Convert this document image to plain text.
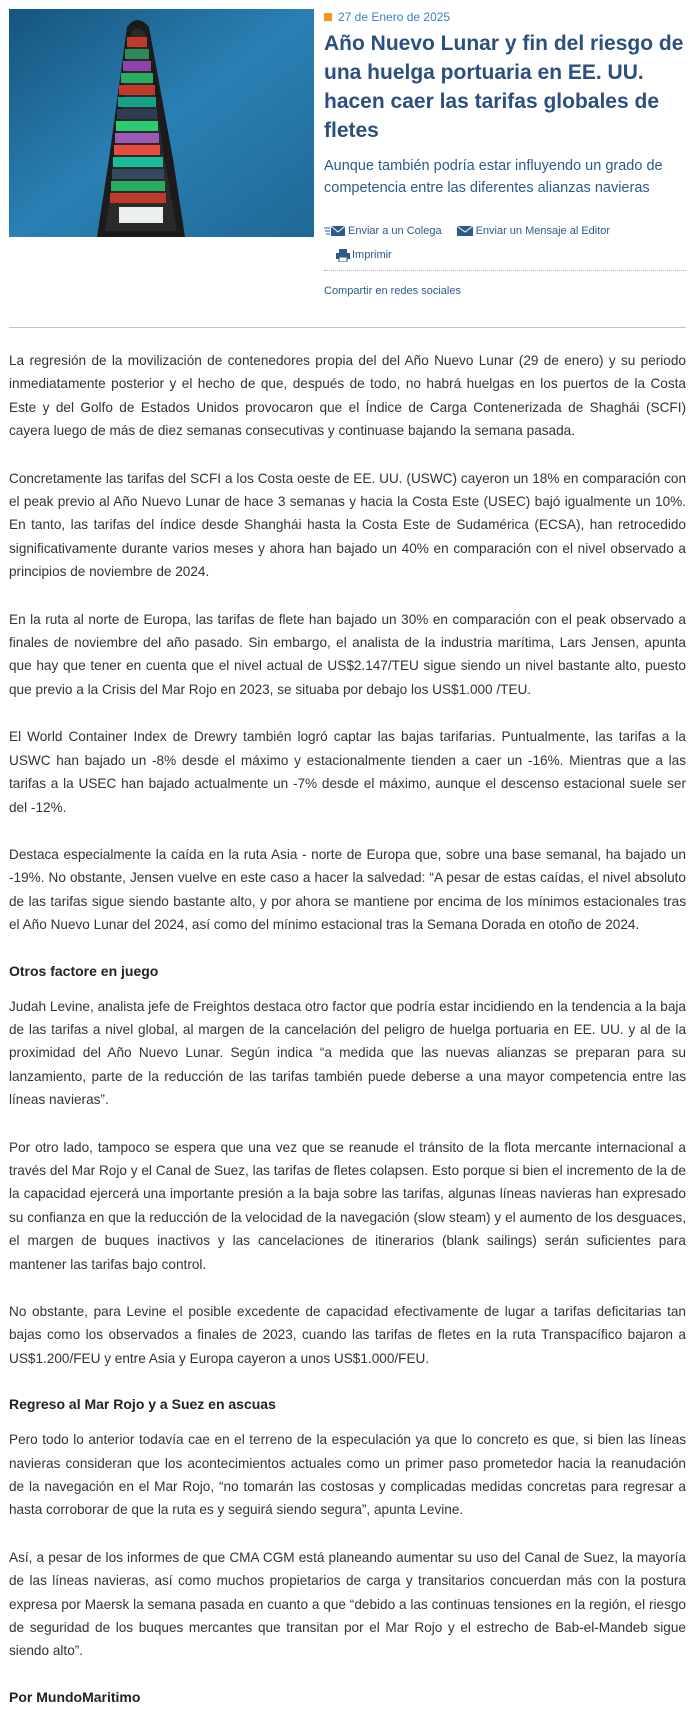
27 de Enero de 2025
Año Nuevo Lunar y fin del riesgo de una huelga portuaria en EE. UU. hacen caer las tarifas globales de fletes

Aunque también podría estar influyendo un grado de competencia entre las diferentes alianzas navieras

Enviar a un Colega	Enviar un Mensaje al Editor
Imprimir
Compartir en redes sociales

La regresión de la movilización de contenedores propia del del Año Nuevo Lunar (29 de enero) y su periodo inmediatamente posterior y el hecho de que, después de todo, no habrá huelgas en los puertos de la Costa Este y del Golfo de Estados Unidos provocaron que el Índice de Carga Contenerizada de Shaghái (SCFI) cayera luego de más de diez semanas consecutivas y continuase bajando la semana pasada.

Concretamente las tarifas del SCFI a los Costa oeste de EE. UU. (USWC) cayeron un 18% en comparación con el peak previo al Año Nuevo Lunar de hace 3 semanas y hacia la Costa Este (USEC) bajó igualmente un 10%. En tanto, las tarifas del índice desde Shanghái hasta la Costa Este de Sudamérica (ECSA), han retrocedido significativamente durante varios meses y ahora han bajado un 40% en comparación con el nivel observado a principios de noviembre de 2024.

En la ruta al norte de Europa, las tarifas de flete han bajado un 30% en comparación con el peak observado a finales de noviembre del año pasado. Sin embargo, el analista de la industria marítima, Lars Jensen, apunta que hay que tener en cuenta que el nivel actual de US$2.147/TEU sigue siendo un nivel bastante alto, puesto que previo a la Crisis del Mar Rojo en 2023, se situaba por debajo los US$1.000 /TEU.

El World Container Index de Drewry también logró captar las bajas tarifarias. Puntualmente, las tarifas a la USWC han bajado un -8% desde el máximo y estacionalmente tienden a caer un -16%. Mientras que a las tarifas a la USEC han bajado actualmente un -7% desde el máximo, aunque el descenso estacional suele ser del -12%.

Destaca especialmente la caída en la ruta Asia - norte de Europa que, sobre una base semanal, ha bajado un -19%. No obstante, Jensen vuelve en este caso a hacer la salvedad: “A pesar de estas caídas, el nivel absoluto de las tarifas sigue siendo bastante alto, y por ahora se mantiene por encima de los mínimos estacionales tras el Año Nuevo Lunar del 2024, así como del mínimo estacional tras la Semana Dorada en otoño de 2024.

Otros factore en juego

Judah Levine, analista jefe de Freightos destaca otro factor que podría estar incidiendo en la tendencia a la baja de las tarifas a nivel global, al margen de la cancelación del peligro de huelga portuaria en EE. UU. y al de la proximidad del Año Nuevo Lunar. Según indica “a medida que las nuevas alianzas se preparan para su lanzamiento, parte de la reducción de las tarifas también puede deberse a una mayor competencia entre las líneas navieras”.

Por otro lado, tampoco se espera que una vez que se reanude el tránsito de la flota mercante internacional a través del Mar Rojo y el Canal de Suez, las tarifas de fletes colapsen. Esto porque si bien el incremento de la de la capacidad ejercerá una importante presión a la baja sobre las tarifas, algunas líneas navieras han expresado su confianza en que la reducción de la velocidad de la navegación (slow steam) y el aumento de los desguaces, el margen de buques inactivos y las cancelaciones de itinerarios (blank sailings) serán suficientes para mantener las tarifas bajo control.

No obstante, para Levine el posible excedente de capacidad efectivamente de lugar a tarifas deficitarias tan bajas como los observados a finales de 2023, cuando las tarifas de fletes en la ruta Transpacífico bajaron a US$1.200/FEU y entre Asia y Europa cayeron a unos US$1.000/FEU.

Regreso al Mar Rojo y a Suez en ascuas

Pero todo lo anterior todavía cae en el terreno de la especulación ya que lo concreto es que, si bien las líneas navieras consideran que los acontecimientos actuales como un primer paso prometedor hacia la reanudación de la navegación en el Mar Rojo, “no tomarán las costosas y complicadas medidas concretas para regresar a hasta corroborar de que la ruta es y seguirá siendo segura”, apunta Levine.

Así, a pesar de los informes de que CMA CGM está planeando aumentar su uso del Canal de Suez, la mayoría de las líneas navieras, así como muchos propietarios de carga y transitarios concuerdan más con la postura expresa por Maersk la semana pasada en cuanto a que “debido a las continuas tensiones en la región, el riesgo de seguridad de los buques mercantes que transitan por el Mar Rojo y el estrecho de Bab-el-Mandeb sigue siendo alto”.

Por MundoMaritimo
